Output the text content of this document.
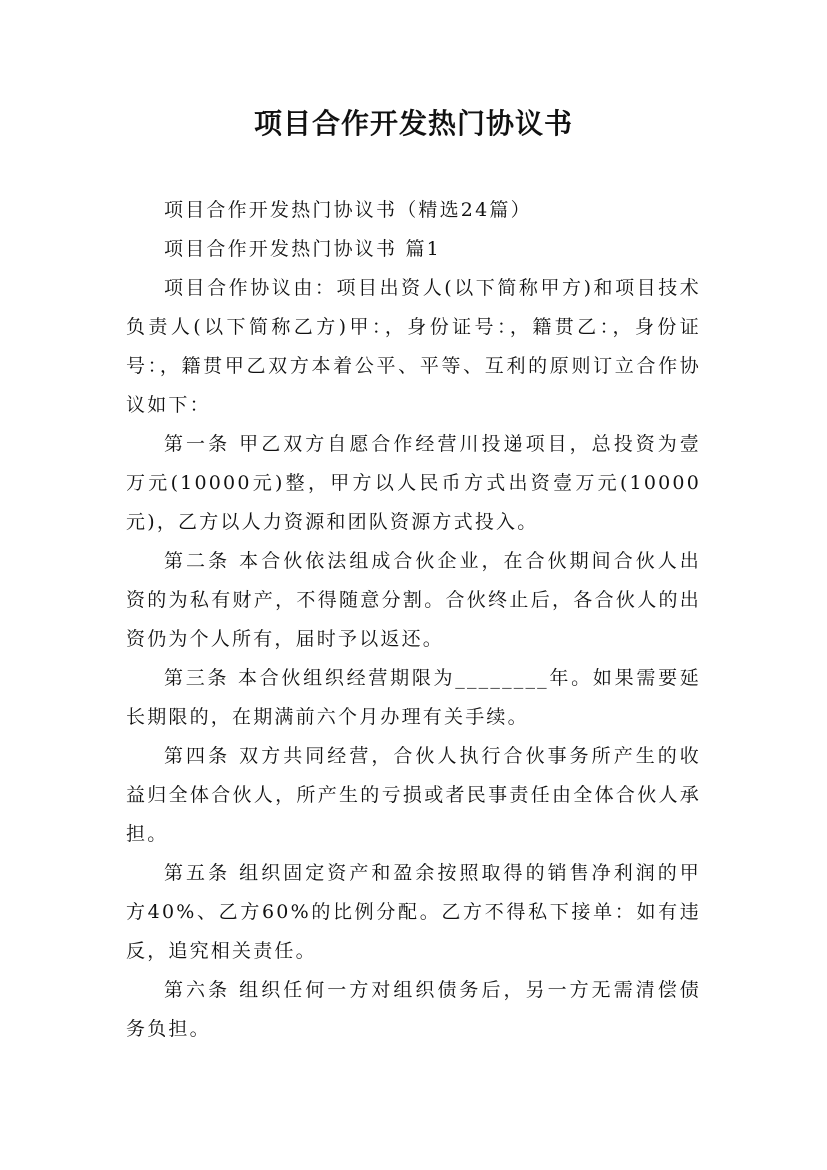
项目合作开发热门协议书

项目合作开发热门协议书（精选24篇）

项目合作开发热门协议书 篇1

项目合作协议由：项目出资人(以下简称甲方)和项目技术负责人(以下简称乙方)甲：，身份证号：，籍贯乙：，身份证号：，籍贯甲乙双方本着公平、平等、互利的原则订立合作协议如下：

第一条 甲乙双方自愿合作经营川投递项目，总投资为壹万元(10000元)整，甲方以人民币方式出资壹万元(10000元)，乙方以人力资源和团队资源方式投入。

第二条 本合伙依法组成合伙企业，在合伙期间合伙人出资的为私有财产，不得随意分割。合伙终止后，各合伙人的出资仍为个人所有，届时予以返还。

第三条 本合伙组织经营期限为________年。如果需要延长期限的，在期满前六个月办理有关手续。

第四条 双方共同经营，合伙人执行合伙事务所产生的收益归全体合伙人，所产生的亏损或者民事责任由全体合伙人承担。

第五条 组织固定资产和盈余按照取得的销售净利润的甲方40%、乙方60%的比例分配。乙方不得私下接单：如有违反，追究相关责任。

第六条 组织任何一方对组织债务后，另一方无需清偿债务负担。
